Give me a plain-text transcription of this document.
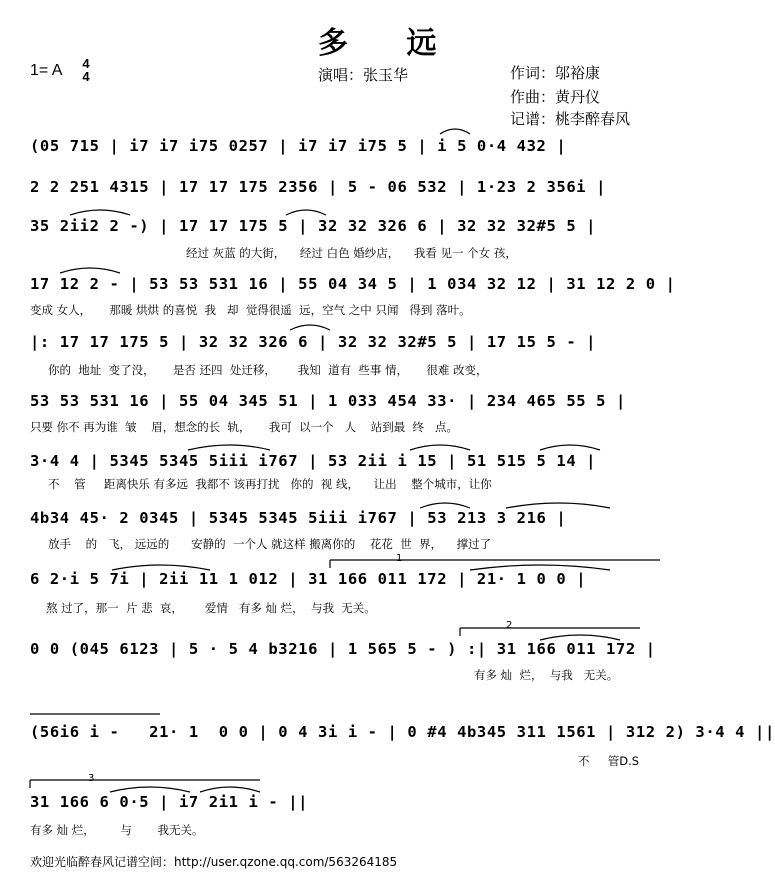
多 远
1= A 4
4	演唱：张玉华	作词：邬裕康
作曲：黄丹仪
记谱：桃李醉春风
(05 715 | i7 i7 i75 0257 | i7 i7 i75 5 | i 5 0·4 432 |
2 2 251 4315 | 17 17 175 2356 | 5 - 06 532 | 1·23 2 356i |
35 2ii2 2 -) | 17 17 175 5 | 32 32 326 6 | 32 32 32#5 5 |
经过 灰蓝 的大街，    经过 白色 婚纱店，    我看 见一 个女 孩，
17 12 2 - | 53 53 531 16 | 55 04 34 5 | 1 034 32 12 | 31 12 2 0 |
变成 女人，     那暖 烘烘 的喜悦  我   却  觉得很遥  远，空气 之中 只闻   得到 落叶。
|: 17 17 175 5 | 32 32 326 6 | 32 32 32#5 5 | 17 15 5 - |
你的  地址  变了没，     是否 还四  处迁移，      我知  道有  些事 情，     很难 改变，
53 53 531 16 | 55 04 345 51 | 1 033 454 33· | 234 465 55 5 |
只要 你不 再为谁  皱    眉，想念的长  轨，     我可  以一个   人    站到最  终   点。
3·4 4 | 5345 5345 5iii i767 | 53 2ii i 15 | 51 515 5 14 |
不    管     距离快乐 有多远  我都不 该再打扰   你的  视 线，    让出    整个城市，让你
4b34 45· 2 0345 | 5345 5345 5iii i767 | 53 213 3 216 |
放手    的   飞， 远远的      安静的  一个人 就这样 搬离你的    花花  世  界，    撑过了
6 2·i 5 7i | 2ii 11 1 012 | 31 166 011 172 | 21· 1 0 0 |
熬 过了，那一  片 悲  哀，      爱情   有多 灿 烂，  与我  无关。
0 0 (045 6123 | 5 · 5 4 b3216 | 1 565 5 - ) :| 31 166 011 172 |
有多 灿  烂，  与我   无关。
(56i6 i -   21· 1  0 0 | 0 4 3i i - | 0 #4 4b345 311 1561 | 312 2) 3·4 4 ||
不     管D.S
31 166 6 0·5 | i7 2i1 i - ||
有多 灿 烂，       与       我无关。
1
2
3
欢迎光临醉春风记谱空间：http://user.qzone.qq.com/563264185
